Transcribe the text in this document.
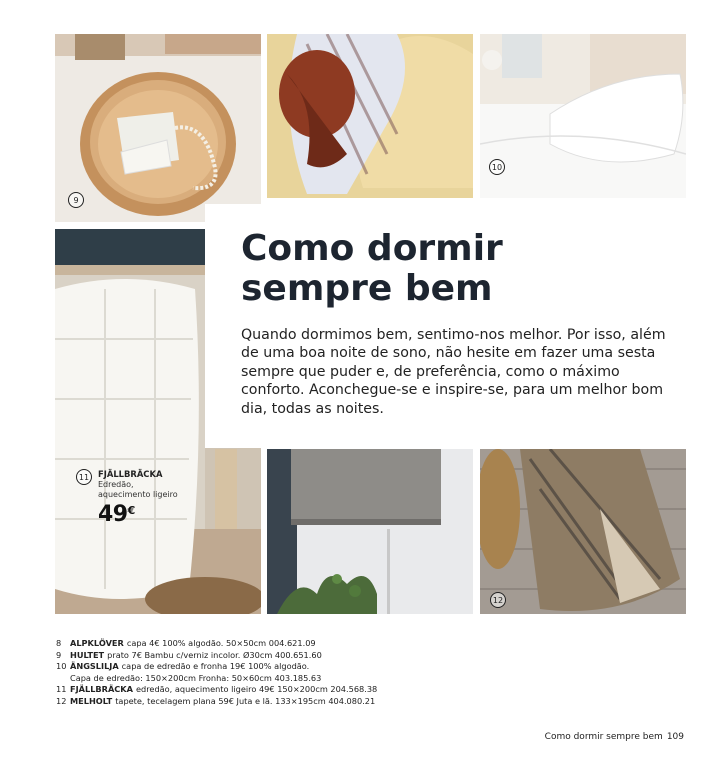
9
10
11	FJÄLLBRÄCKA
Edredão, aquecimento ligeiro
49€
Como dormir
sempre bem

Quando dormimos bem, sentimo-nos melhor. Por isso, além de uma boa noite de sono, não hesite em fazer uma sesta sempre que puder e, de preferência, como o máximo conforto. Aconchegue-se e inspire-se, para um melhor bom dia, todas as noites.

12
8	ALPKLÖVER capa 4€ 100% algodão. 50×50cm 004.621.09
9	HULTET prato 7€ Bambu c/verniz incolor. Ø30cm 400.651.60
10 ÄNGSLILJA capa de edredão e fronha 19€ 100% algodão.
Capa de edredão: 150×200cm Fronha: 50×60cm 403.185.63
11 FJÄLLBRÄCKA edredão, aquecimento ligeiro 49€ 150×200cm 204.568.38
12 MELHOLT tapete, tecelagem plana 59€ Juta e lã. 133×195cm 404.080.21
Como dormir sempre bem 109
